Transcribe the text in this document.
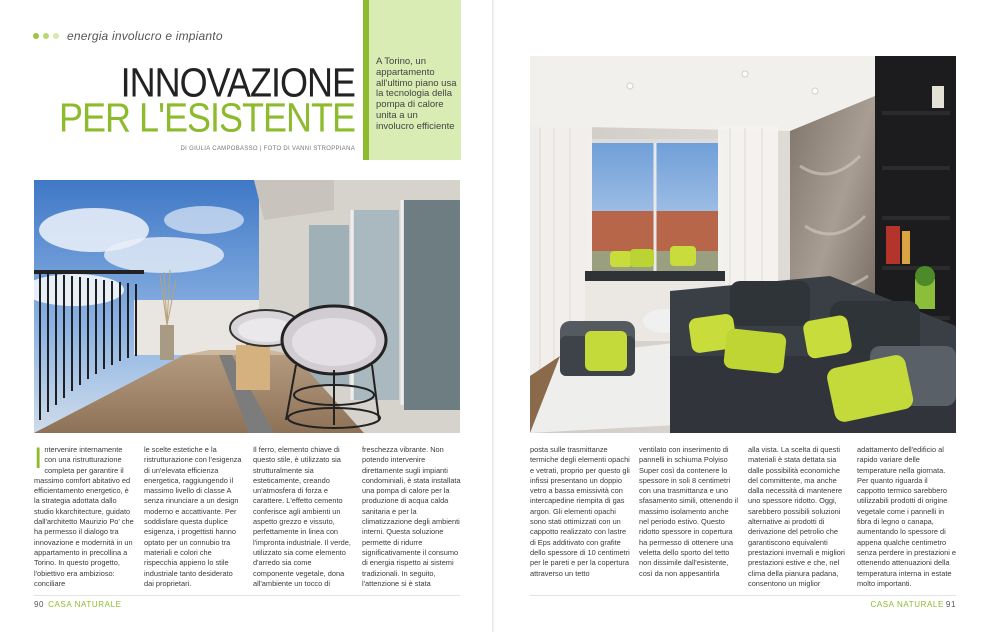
energia involucro e impianto
INNOVAZIONE
PER L'ESISTENTE
DI GIULIA CAMPOBASSO | FOTO DI VANNI STROPPIANA
A Torino, un appartamento all'ultimo piano usa la tecnologia della pompa di calore unita a un involucro efficiente
I ntervenire internamente con una ristrutturazione completa per garantire il massimo comfort abitativo ed efficientamento energetico, è la strategia adottata dallo studio kkarchitecture, guidato dall'architetto Maurizio Po' che ha permesso il dialogo tra innovazione e modernità in un appartamento in precollina a Torino. In questo progetto, l'obiettivo era ambizioso: conciliare
le scelte estetiche e la ristrutturazione con l'esigenza di un'elevata efficienza energetica, raggiungendo il massimo livello di classe A senza rinunciare a un design moderno e accattivante. Per soddisfare questa duplice esigenza, i progettisti hanno optato per un connubio tra materiali e colori che rispecchia appieno lo stile industriale tanto desiderato dai proprietari.
Il ferro, elemento chiave di questo stile, è utilizzato sia strutturalmente sia esteticamente, creando un'atmosfera di forza e carattere. L'effetto cemento conferisce agli ambienti un aspetto grezzo e vissuto, perfettamente in linea con l'impronta industriale. Il verde, utilizzato sia come elemento d'arredo sia come componente vegetale, dona all'ambiente un tocco di
freschezza vibrante. Non potendo intervenire direttamente sugli impianti condominiali, è stata installata una pompa di calore per la produzione di acqua calda sanitaria e per la climatizzazione degli ambienti interni. Questa soluzione permette di ridurre significativamente il consumo di energia rispetto ai sistemi tradizionali. In seguito, l'attenzione si è stata
90 CASA NATURALE
posta sulle trasmittanze termiche degli elementi opachi e vetrati, proprio per questo gli infissi presentano un doppio vetro a bassa emissività con intercapedine riempita di gas argon. Gli elementi opachi sono stati ottimizzati con un cappotto realizzato con lastre di Eps additivato con grafite dello spessore di 10 centimetri per le pareti e per la copertura attraverso un tetto
ventilato con inserimento di pannelli in schiuma Polyiso Super così da contenere lo spessore in soli 8 centimetri con una trasmittanza e uno sfasamento simili, ottenendo il massimo isolamento anche nel periodo estivo. Questo ridotto spessore in copertura ha permesso di ottenere una veletta dello sporto del tetto non dissimile dall'esistente, così da non appesantirla
alla vista. La scelta di questi materiali è stata dettata sia dalle possibilità economiche del committente, ma anche dalla necessità di mantenere uno spessore ridotto. Oggi, sarebbero possibili soluzioni alternative ai prodotti di derivazione del petrolio che garantiscono equivalenti prestazioni invernali e migliori prestazioni estive e che, nel clima della pianura padana, consentono un miglior
adattamento dell'edificio al rapido variare delle temperature nella giornata. Per quanto riguarda il cappotto termico sarebbero utilizzabili prodotti di origine vegetale come i pannelli in fibra di legno o canapa, aumentando lo spessore di appena qualche centimetro senza perdere in prestazioni e ottenendo attenuazioni della temperatura interna in estate molto importanti.
CASA NATURALE 91
